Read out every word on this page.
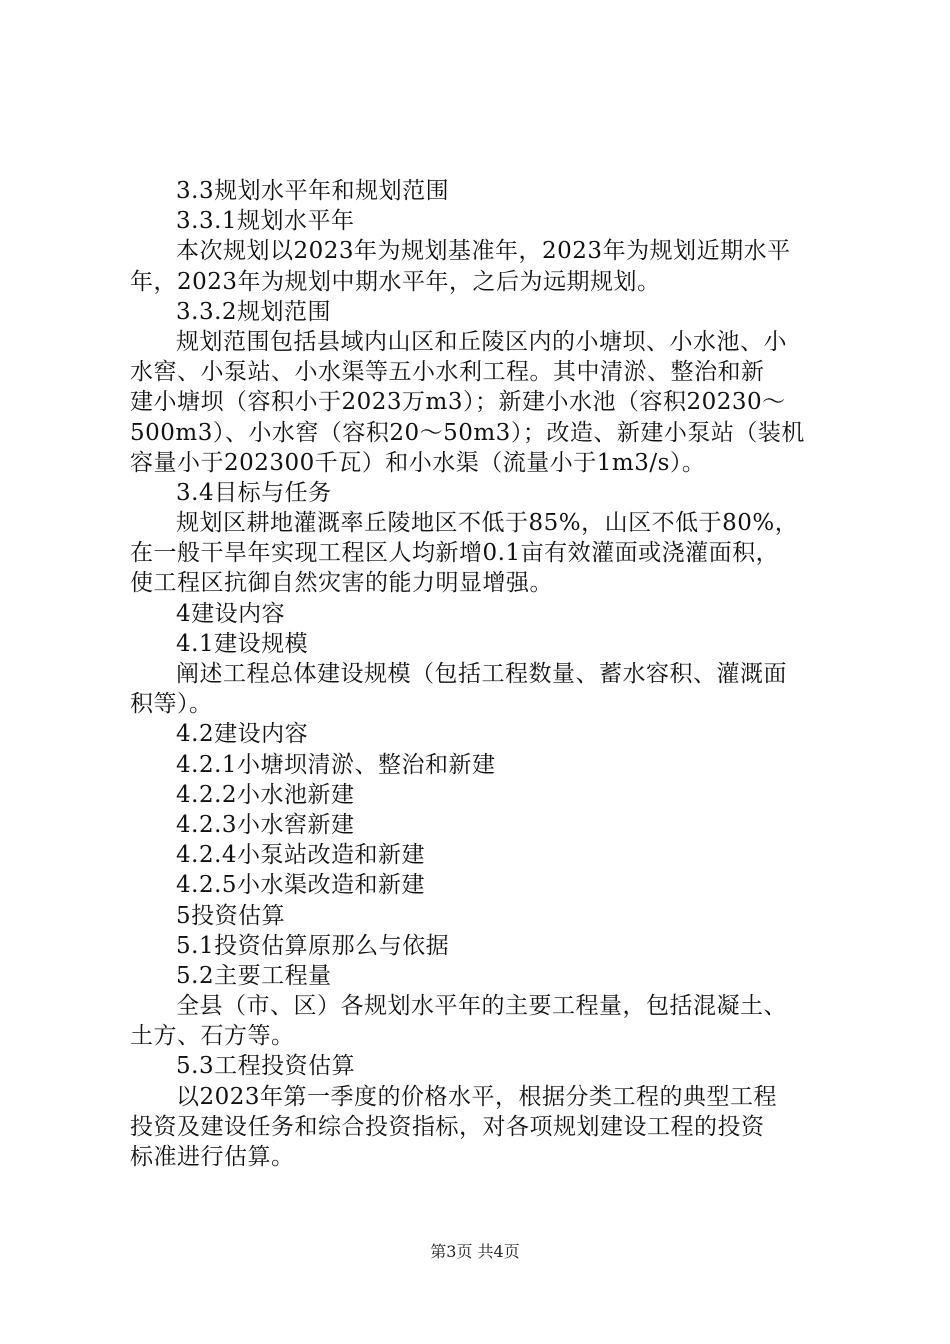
3.3规划水平年和规划范围
3.3.1规划水平年
本次规划以2023年为规划基准年，2023年为规划近期水平
年，2023年为规划中期水平年，之后为远期规划。
3.3.2规划范围
规划范围包括县域内山区和丘陵区内的小塘坝、小水池、小
水窖、小泵站、小水渠等五小水利工程。其中清淤、整治和新
建小塘坝（容积小于2023万m3）；新建小水池（容积20230～
500m3）、小水窖（容积20～50m3）；改造、新建小泵站（装机
容量小于202300千瓦）和小水渠（流量小于1m3/s）。
3.4目标与任务
规划区耕地灌溉率丘陵地区不低于85%，山区不低于80%，
在一般干旱年实现工程区人均新增0.1亩有效灌面或浇灌面积，
使工程区抗御自然灾害的能力明显增强。
4建设内容
4.1建设规模
阐述工程总体建设规模（包括工程数量、蓄水容积、灌溉面
积等）。
4.2建设内容
4.2.1小塘坝清淤、整治和新建
4.2.2小水池新建
4.2.3小水窖新建
4.2.4小泵站改造和新建
4.2.5小水渠改造和新建
5投资估算
5.1投资估算原那么与依据
5.2主要工程量
全县（市、区）各规划水平年的主要工程量，包括混凝土、
土方、石方等。
5.3工程投资估算
以2023年第一季度的价格水平，根据分类工程的典型工程
投资及建设任务和综合投资指标，对各项规划建设工程的投资
标准进行估算。
第3页 共4页
